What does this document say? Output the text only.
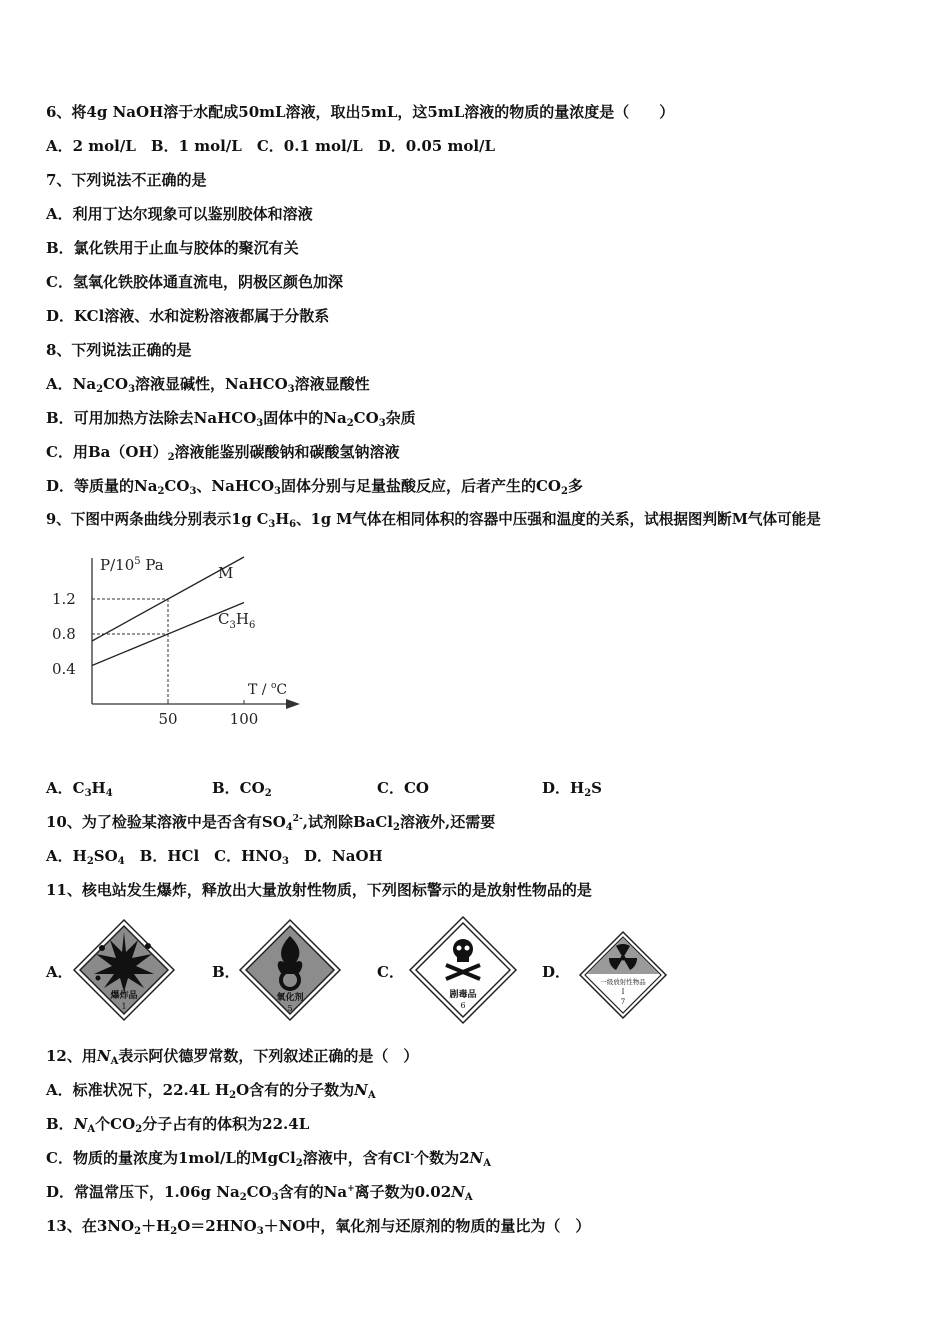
6、将4g NaOH溶于水配成50mL溶液，取出5mL，这5mL溶液的物质的量浓度是（　　）
A．2 mol/L　B．1 mol/L　C．0.1 mol/L　D．0.05 mol/L
7、下列说法不正确的是
A．利用丁达尔现象可以鉴别胶体和溶液
B．氯化铁用于止血与胶体的聚沉有关
C．氢氧化铁胶体通直流电，阴极区颜色加深
D．KCl溶液、水和淀粉溶液都属于分散系
8、下列说法正确的是
A．$Na_2CO_3$溶液显碱性，NaHCO$_3$溶液显酸性
B．可用加热方法除去NaHCO$_3$固体中的$Na_2CO_3$杂质
C．用$Ba(OH)_2$溶液能鉴别碳酸钠和碳酸氢钠溶液
D．等质量的$Na_2CO_3$、NaHCO$_3$固体分别与足量盐酸反应，后者产生的$CO_2$多
9、下图中两条曲线分别表示1g $C_3H_6$、1g M气体在相同体积的容器中压强和温度的关系，试根据图判断M气体可能是
$P/10^5$ Pa
T / $^o$C
M
$C_3H_6$
1.2
0.8
0.4
50	100
A．$C_3H_4$	B．$CO_2$	C．CO	D．$H_2S$
10、为了检验某溶液中是否含有$SO_4^{2-}$,试剂除BaCl$_2$溶液外,还需要
A．$H_2SO_4$　B．HCl　C．$HNO_3$　D．NaOH
11、核电站发生爆炸，释放出大量放射性物质，下列图标警示的是放射性物品的是
A．
爆炸品
1
B．
氧化剂
5
C．
剧毒品
6
D．
一级放射性物品
I
7
12、用$N_A$表示阿伏德罗常数，下列叙述正确的是（　）
A．标准状况下，22.4L $H_2O$含有的分子数为$N_A$
B．$N_A$个$CO_2$分子占有的体积为22.4L
C．物质的量浓度为1mol/L的MgCl$_2$溶液中，含有Cl-个数为$2N_A$
D．常温常压下，1.06g $Na_2CO_3$含有的Na+离子数为$0.02N_A$
13、在$3NO_2+H_2O=2HNO_3+NO$中，氧化剂与还原剂的物质的量比为（　）
